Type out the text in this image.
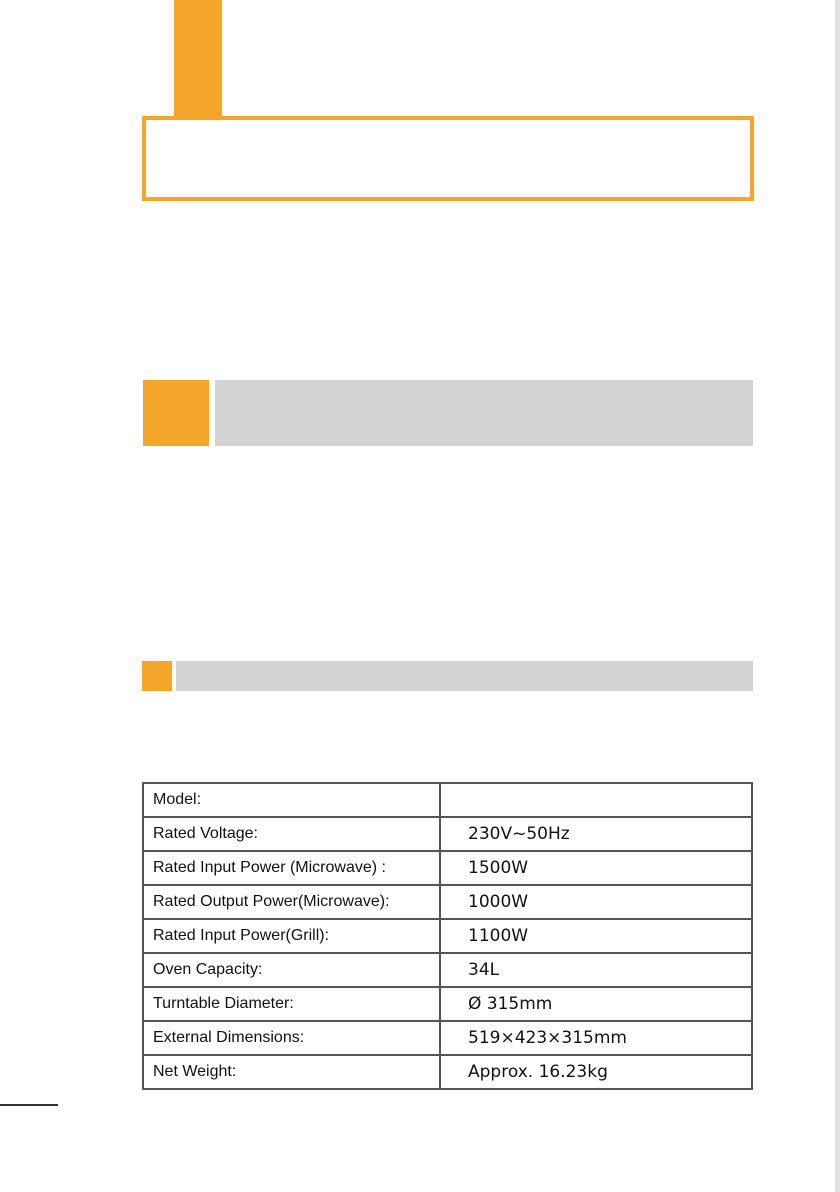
Model:	
Rated Voltage:	230V~50Hz
Rated Input Power (Microwave) :	1500W
Rated Output Power(Microwave):	1000W
Rated Input Power(Grill):	1100W
Oven Capacity:	34L
Turntable Diameter:	Ø 315mm
External Dimensions:	519×423×315mm
Net Weight:	Approx. 16.23kg
